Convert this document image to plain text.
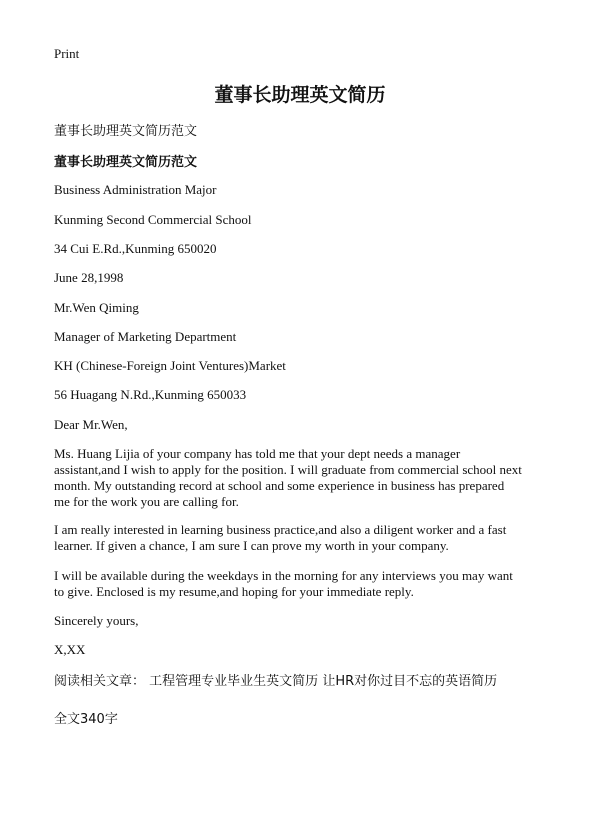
Print
董事长助理英文简历

董事长助理英文简历范文

董事长助理英文简历范文

Business Administration Major

Kunming Second Commercial School

34 Cui E.Rd.,Kunming 650020

June 28,1998

Mr.Wen Qiming

Manager of Marketing Department

KH (Chinese-Foreign Joint Ventures)Market

56 Huagang N.Rd.,Kunming 650033

Dear Mr.Wen,

Ms. Huang Lijia of your company has told me that your dept needs a manager
assistant,and I wish to apply for the position. I will graduate from commercial school next
month. My outstanding record at school and some experience in business has prepared
me for the work you are calling for.
I am really interested in learning business practice,and also a diligent worker and a fast
learner. If given a chance, I am sure I can prove my worth in your company.
I will be available during the weekdays in the morning for any interviews you may want
to give. Enclosed is my resume,and hoping for your immediate reply.

Sincerely yours,

X,XX

阅读相关文章： 工程管理专业毕业生英文简历 让HR对你过目不忘的英语简历

全文340字
